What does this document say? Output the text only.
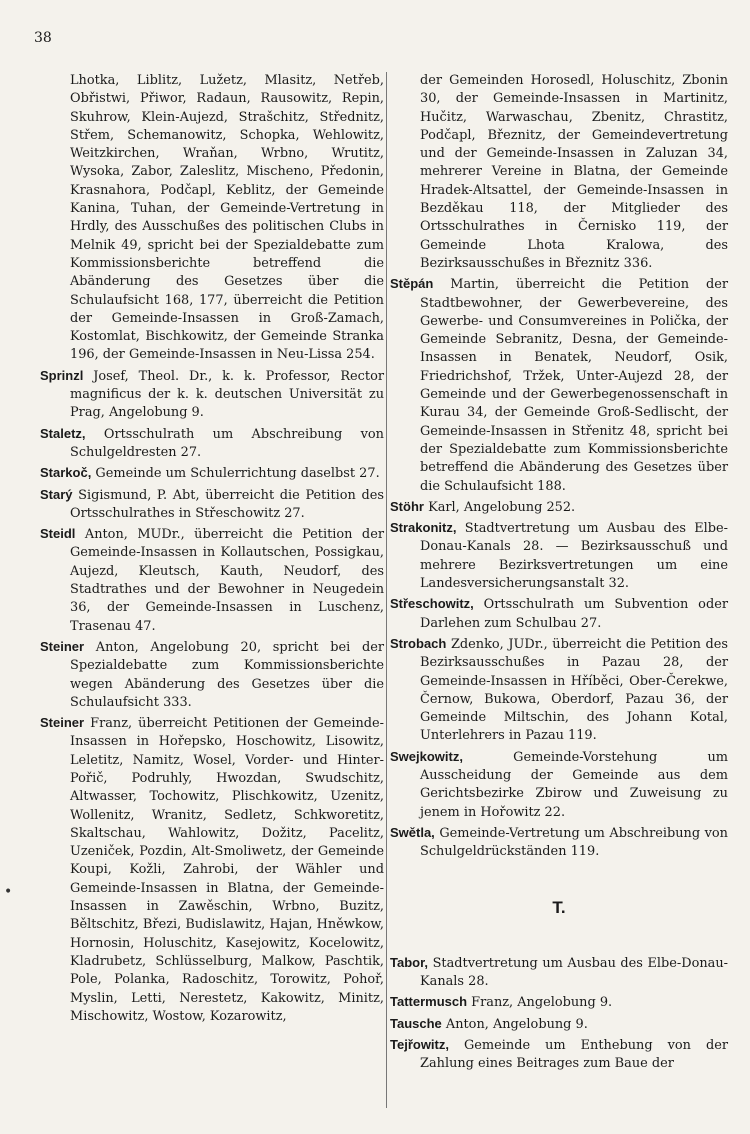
38
•

Lhotka, Liblitz, Lužetz, Mlasitz, Netřeb, Obřistwi, Přiwor, Radaun, Rausowitz, Repin, Skuhrow, Klein-Aujezd, Strašchitz, Střednitz, Střem, Schemanowitz, Schopka, Wehlowitz, Weitzkirchen, Wraňan, Wrbno, Wrutitz, Wysoka, Zabor, Zaleslitz, Mischeno, Předonin, Krasnahora, Podčapl, Keblitz, der Gemeinde Kanina, Tuhan, der Gemeinde-Vertretung in Hrdly, des Ausschußes des politischen Clubs in Melnik 49, spricht bei der Spezialdebatte zum Kommissionsberichte betreffend die Abänderung des Gesetzes über die Schulaufsicht 168, 177, überreicht die Petition der Gemeinde-Insassen in Groß-Zamach, Kostomlat, Bischkowitz, der Gemeinde Stranka 196, der Gemeinde-Insassen in Neu-Lissa 254.

Sprinzl Josef, Theol. Dr., k. k. Professor, Rector magnificus der k. k. deutschen Universität zu Prag, Angelobung 9.

Staletz, Ortsschulrath um Abschreibung von Schulgeldresten 27.

Starkoč, Gemeinde um Schulerrichtung daselbst 27.

Starý Sigismund, P. Abt, überreicht die Petition des Ortsschulrathes in Střeschowitz 27.

Steidl Anton, MUDr., überreicht die Petition der Gemeinde-Insassen in Kollautschen, Possigkau, Aujezd, Kleutsch, Kauth, Neudorf, des Stadtrathes und der Bewohner in Neugedein 36, der Gemeinde-Insassen in Luschenz, Trasenau 47.

Steiner Anton, Angelobung 20, spricht bei der Spezialdebatte zum Kommissionsberichte wegen Abänderung des Gesetzes über die Schulaufsicht 333.

Steiner Franz, überreicht Petitionen der Gemeinde-Insassen in Hořepsko, Hoschowitz, Lisowitz, Leletitz, Namitz, Wosel, Vorder- und Hinter-Pořič, Podruhly, Hwozdan, Swudschitz, Altwasser, Tochowitz, Plischkowitz, Uzenitz, Wollenitz, Wranitz, Sedletz, Schkworetitz, Skaltschau, Wahlowitz, Dožitz, Pacelitz, Uzeniček, Pozdin, Alt-Smoliwetz, der Gemeinde Koupi, Kožli, Zahrobi, der Wähler und Gemeinde-Insassen in Blatna, der Gemeinde-Insassen in Zawěschin, Wrbno, Buzitz, Běltschitz, Březi, Budislawitz, Hajan, Hněwkow, Hornosin, Holuschitz, Kasejowitz, Kocelowitz, Kladrubetz, Schlüsselburg, Malkow, Paschtik, Pole, Polanka, Radoschitz, Torowitz, Pohoř, Myslin, Letti, Nerestetz, Kakowitz, Minitz, Mischowitz, Wostow, Kozarowitz,

der Gemeinden Horosedl, Holuschitz, Zbonin 30, der Gemeinde-Insassen in Martinitz, Hučitz, Warwaschau, Zbenitz, Chrastitz, Podčapl, Březnitz, der Gemeindevertretung und der Gemeinde-Insassen in Zaluzan 34, mehrerer Vereine in Blatna, der Gemeinde Hradek-Altsattel, der Gemeinde-Insassen in Bezděkau 118, der Mitglieder des Ortsschulrathes in Černisko 119, der Gemeinde Lhota Kralowa, des Bezirksausschußes in Březnitz 336.

Stěpán Martin, überreicht die Petition der Stadtbewohner, der Gewerbevereine, des Gewerbe- und Consumvereines in Polička, der Gemeinde Sebranitz, Desna, der Gemeinde-Insassen in Benatek, Neudorf, Osik, Friedrichshof, Tržek, Unter-Aujezd 28, der Gemeinde und der Gewerbegenossenschaft in Kurau 34, der Gemeinde Groß-Sedlischt, der Gemeinde-Insassen in Střenitz 48, spricht bei der Spezialdebatte zum Kommissionsberichte betreffend die Abänderung des Gesetzes über die Schulaufsicht 188.

Stöhr Karl, Angelobung 252.

Strakonitz, Stadtvertretung um Ausbau des Elbe-Donau-Kanals 28. — Bezirksausschuß und mehrere Bezirksvertretungen um eine Landesversicherungsanstalt 32.

Střeschowitz, Ortsschulrath um Subvention oder Darlehen zum Schulbau 27.

Strobach Zdenko, JUDr., überreicht die Petition des Bezirksausschußes in Pazau 28, der Gemeinde-Insassen in Hříběci, Ober-Čerekwe, Černow, Bukowa, Oberdorf, Pazau 36, der Gemeinde Miltschin, des Johann Kotal, Unterlehrers in Pazau 119.

Swejkowitz,	Gemeinde-Vorstehung um Ausscheidung der Gemeinde aus dem Gerichtsbezirke Zbirow und Zuweisung zu jenem in Hořowitz 22.

Swětla, Gemeinde-Vertretung um Abschreibung von Schulgeldrückständen 119.

T.

Tabor, Stadtvertretung um Ausbau des Elbe-Donau-Kanals 28.

Tattermusch Franz, Angelobung 9.

Tausche Anton, Angelobung 9.

Tejřowitz, Gemeinde um Enthebung von der Zahlung eines Beitrages zum Baue der
